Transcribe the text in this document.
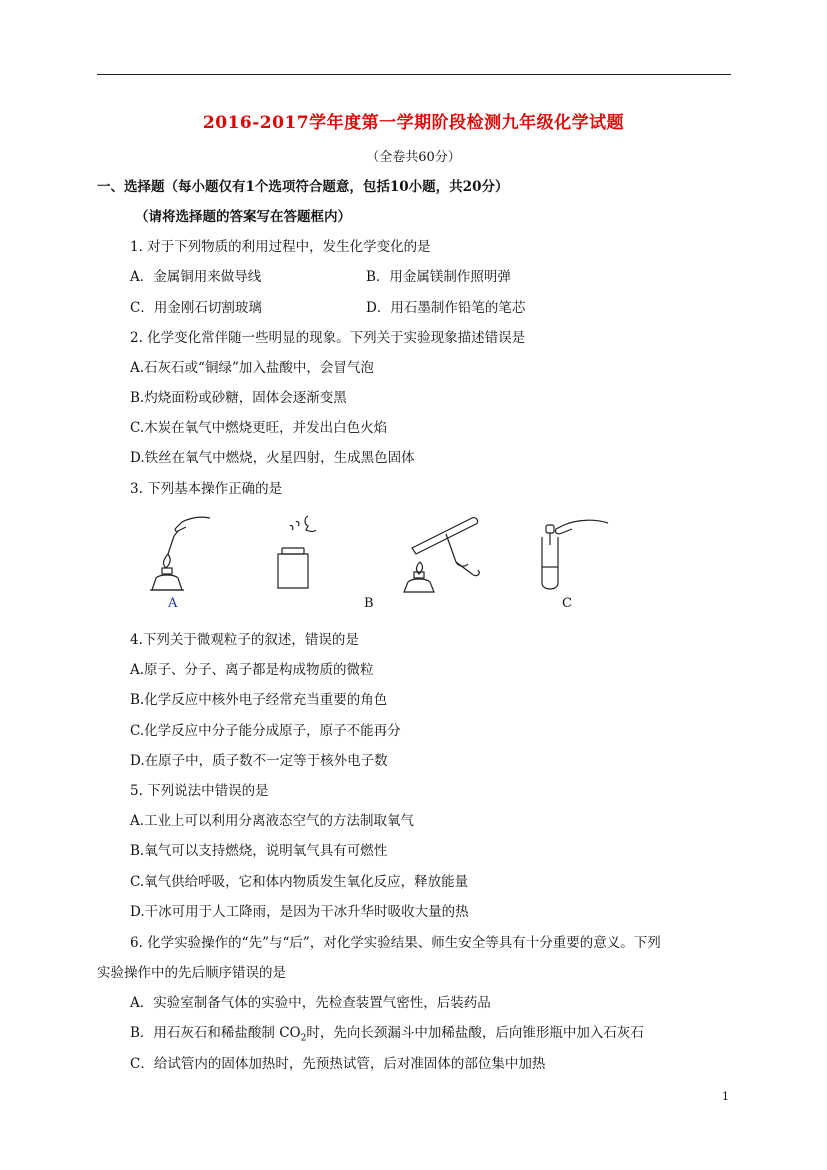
2016-2017学年度第一学期阶段检测九年级化学试题
（全卷共60分）
一、选择题（每小题仅有1个选项符合题意，包括10小题，共20分）
（请将选择题的答案写在答题框内）
1. 对于下列物质的利用过程中，发生化学变化的是
A．金属铜用来做导线	B．用金属镁制作照明弹
C．用金刚石切割玻璃	D．用石墨制作铅笔的笔芯
2. 化学变化常伴随一些明显的现象。下列关于实验现象描述错误是
A.石灰石或“铜绿”加入盐酸中，会冒气泡
B.灼烧面粉或砂糖，固体会逐渐变黑
C.木炭在氧气中燃烧更旺，并发出白色火焰
D.铁丝在氧气中燃烧，火星四射，生成黑色固体
3. 下列基本操作正确的是
A	B	C
4.下列关于微观粒子的叙述，错误的是
A.原子、分子、离子都是构成物质的微粒
B.化学反应中核外电子经常充当重要的角色
C.化学反应中分子能分成原子，原子不能再分
D.在原子中，质子数不一定等于核外电子数
5. 下列说法中错误的是
A.工业上可以利用分离液态空气的方法制取氧气
B.氧气可以支持燃烧，说明氧气具有可燃性
C.氧气供给呼吸，它和体内物质发生氧化反应，释放能量
D.干冰可用于人工降雨，是因为干冰升华时吸收大量的热
6. 化学实验操作的“先”与“后”，对化学实验结果、师生安全等具有十分重要的意义。下列
实验操作中的先后顺序错误的是
A．实验室制备气体的实验中，先检查装置气密性，后装药品
B．用石灰石和稀盐酸制 $CO_2$时，先向长颈漏斗中加稀盐酸，后向锥形瓶中加入石灰石
C．给试管内的固体加热时，先预热试管，后对准固体的部位集中加热
1
